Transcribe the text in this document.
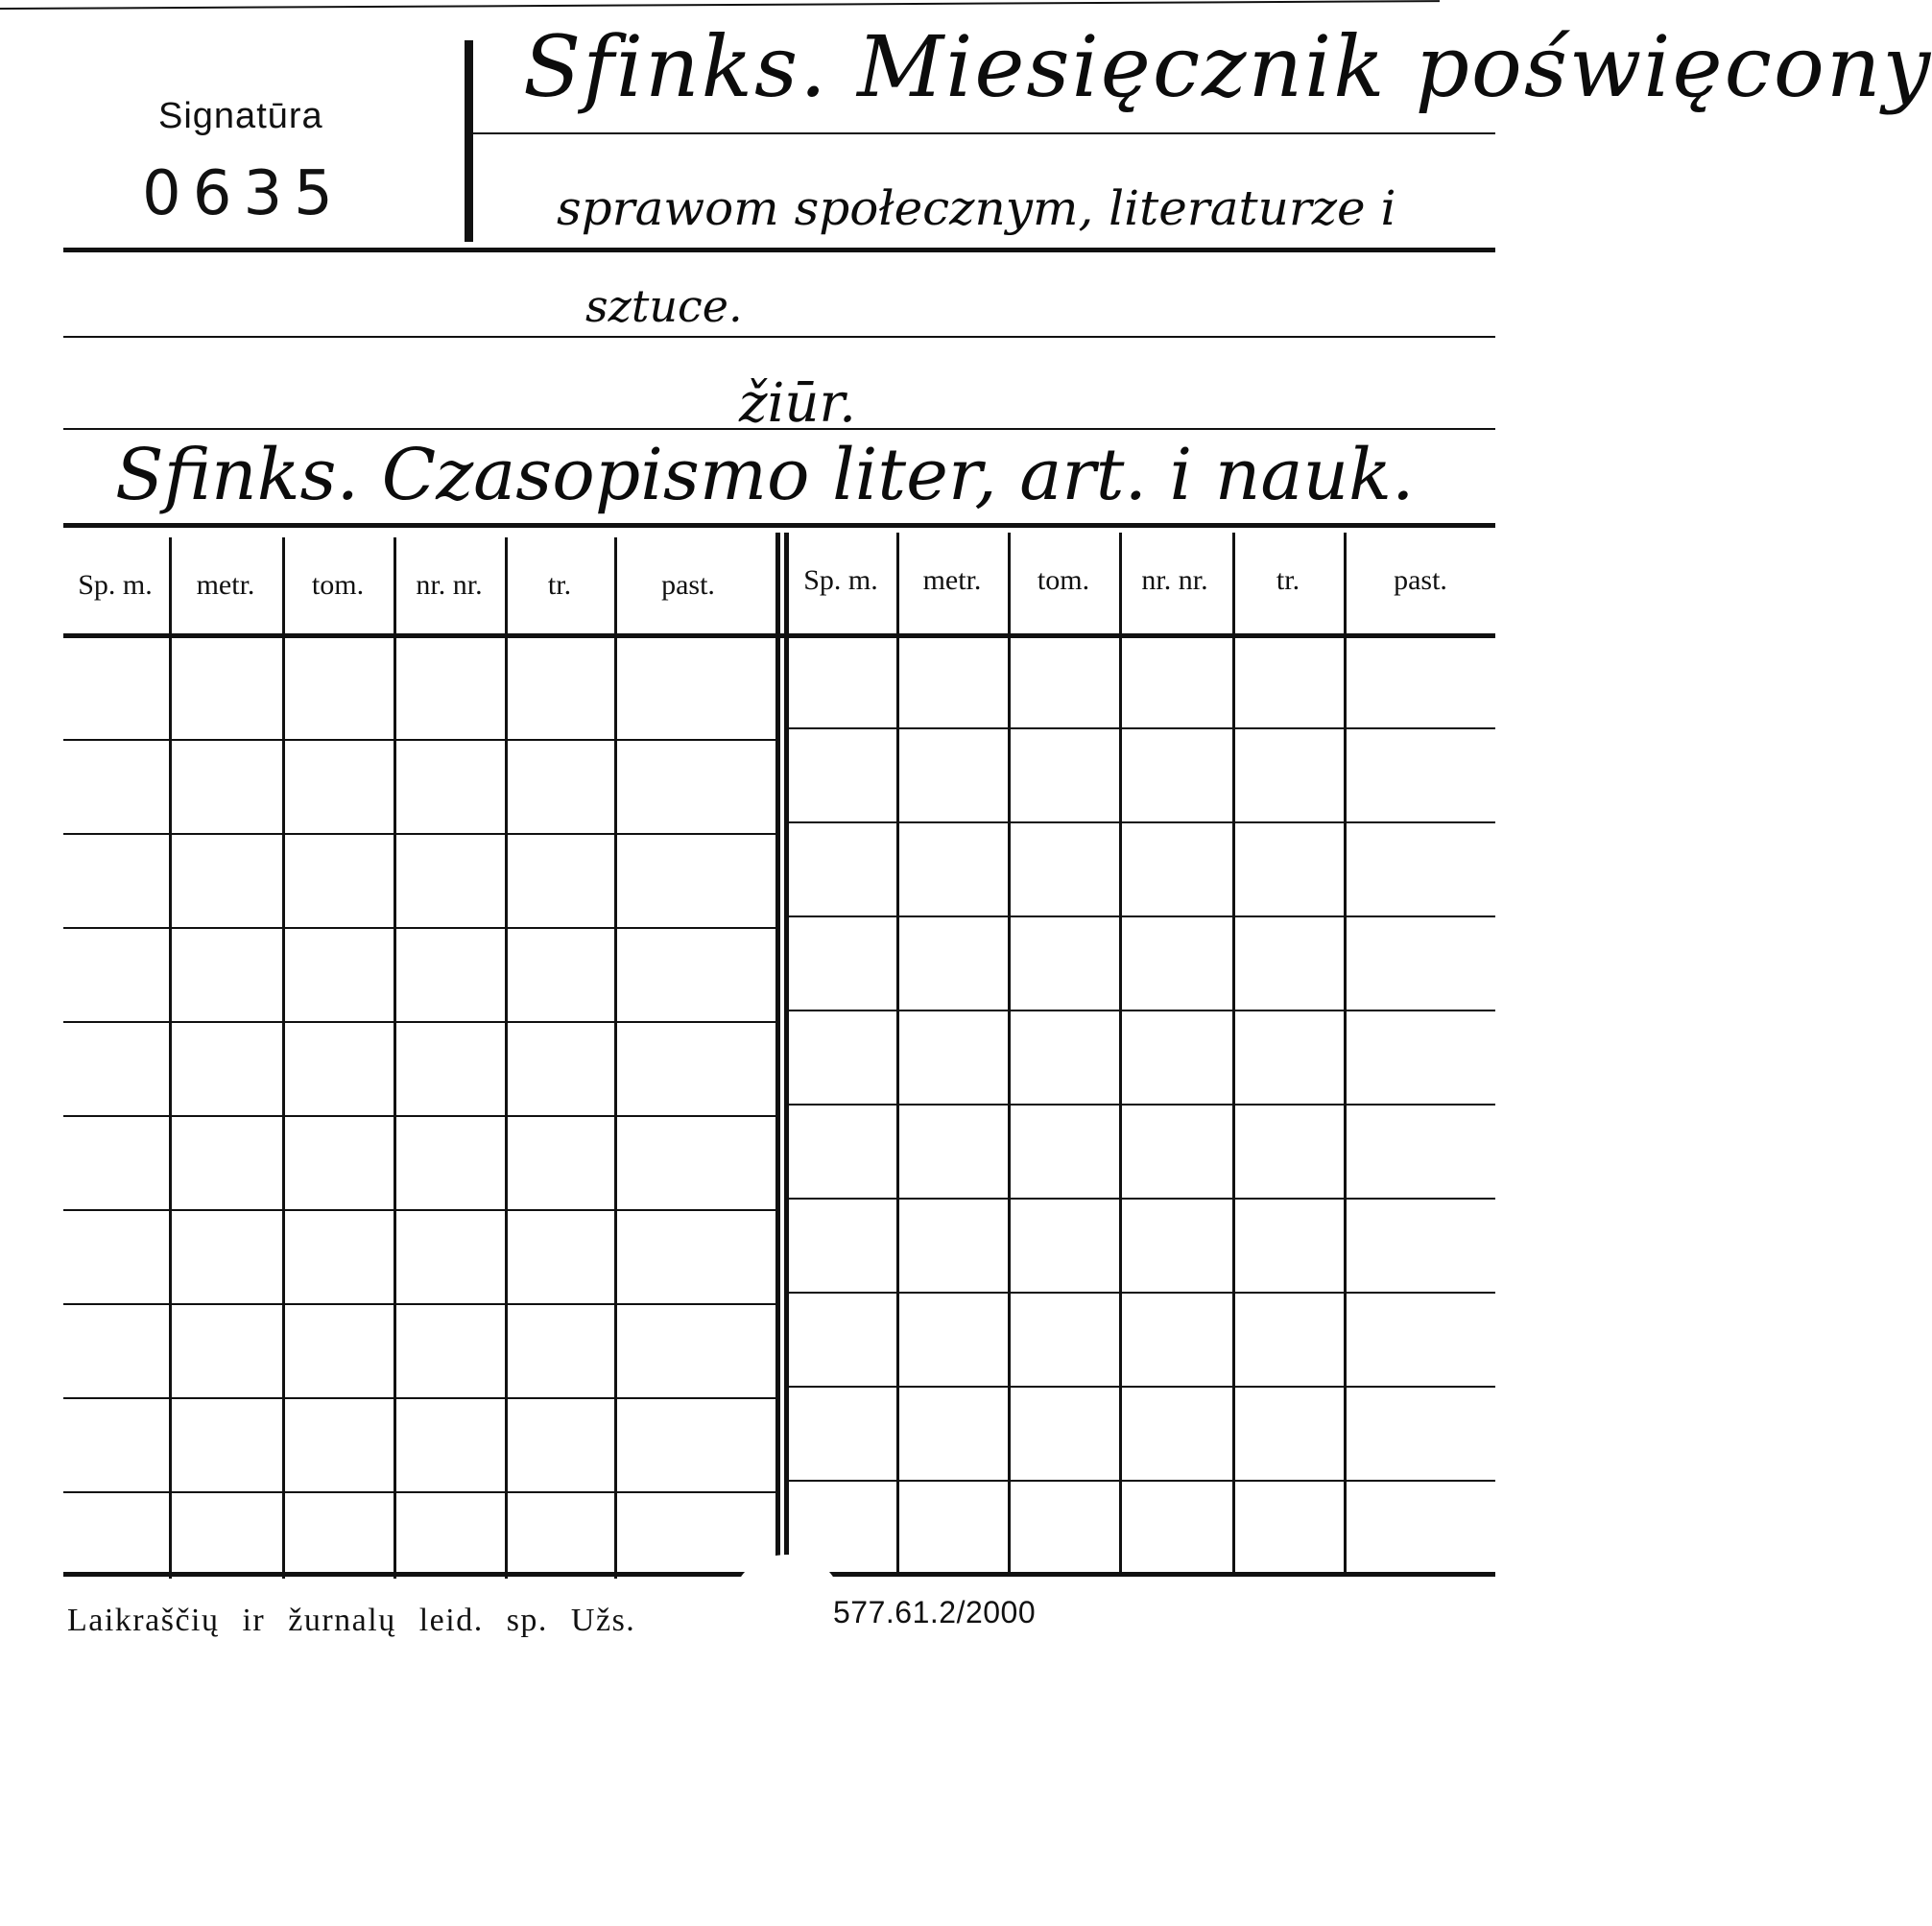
Signatūra
0635
Sfinks. Miesięcznik poświęcony
sprawom społecznym, literaturze i
sztuce.
žiūr.
Sfinks. Czasopismo liter, art. i nauk.
Sp. m.	metr.	tom.	nr. nr.	tr.	past.	Sp. m.	metr.	tom.	nr. nr.	tr.	past.
Laikraščių ir žurnalų leid. sp. Užs.	577.61.2/2000
